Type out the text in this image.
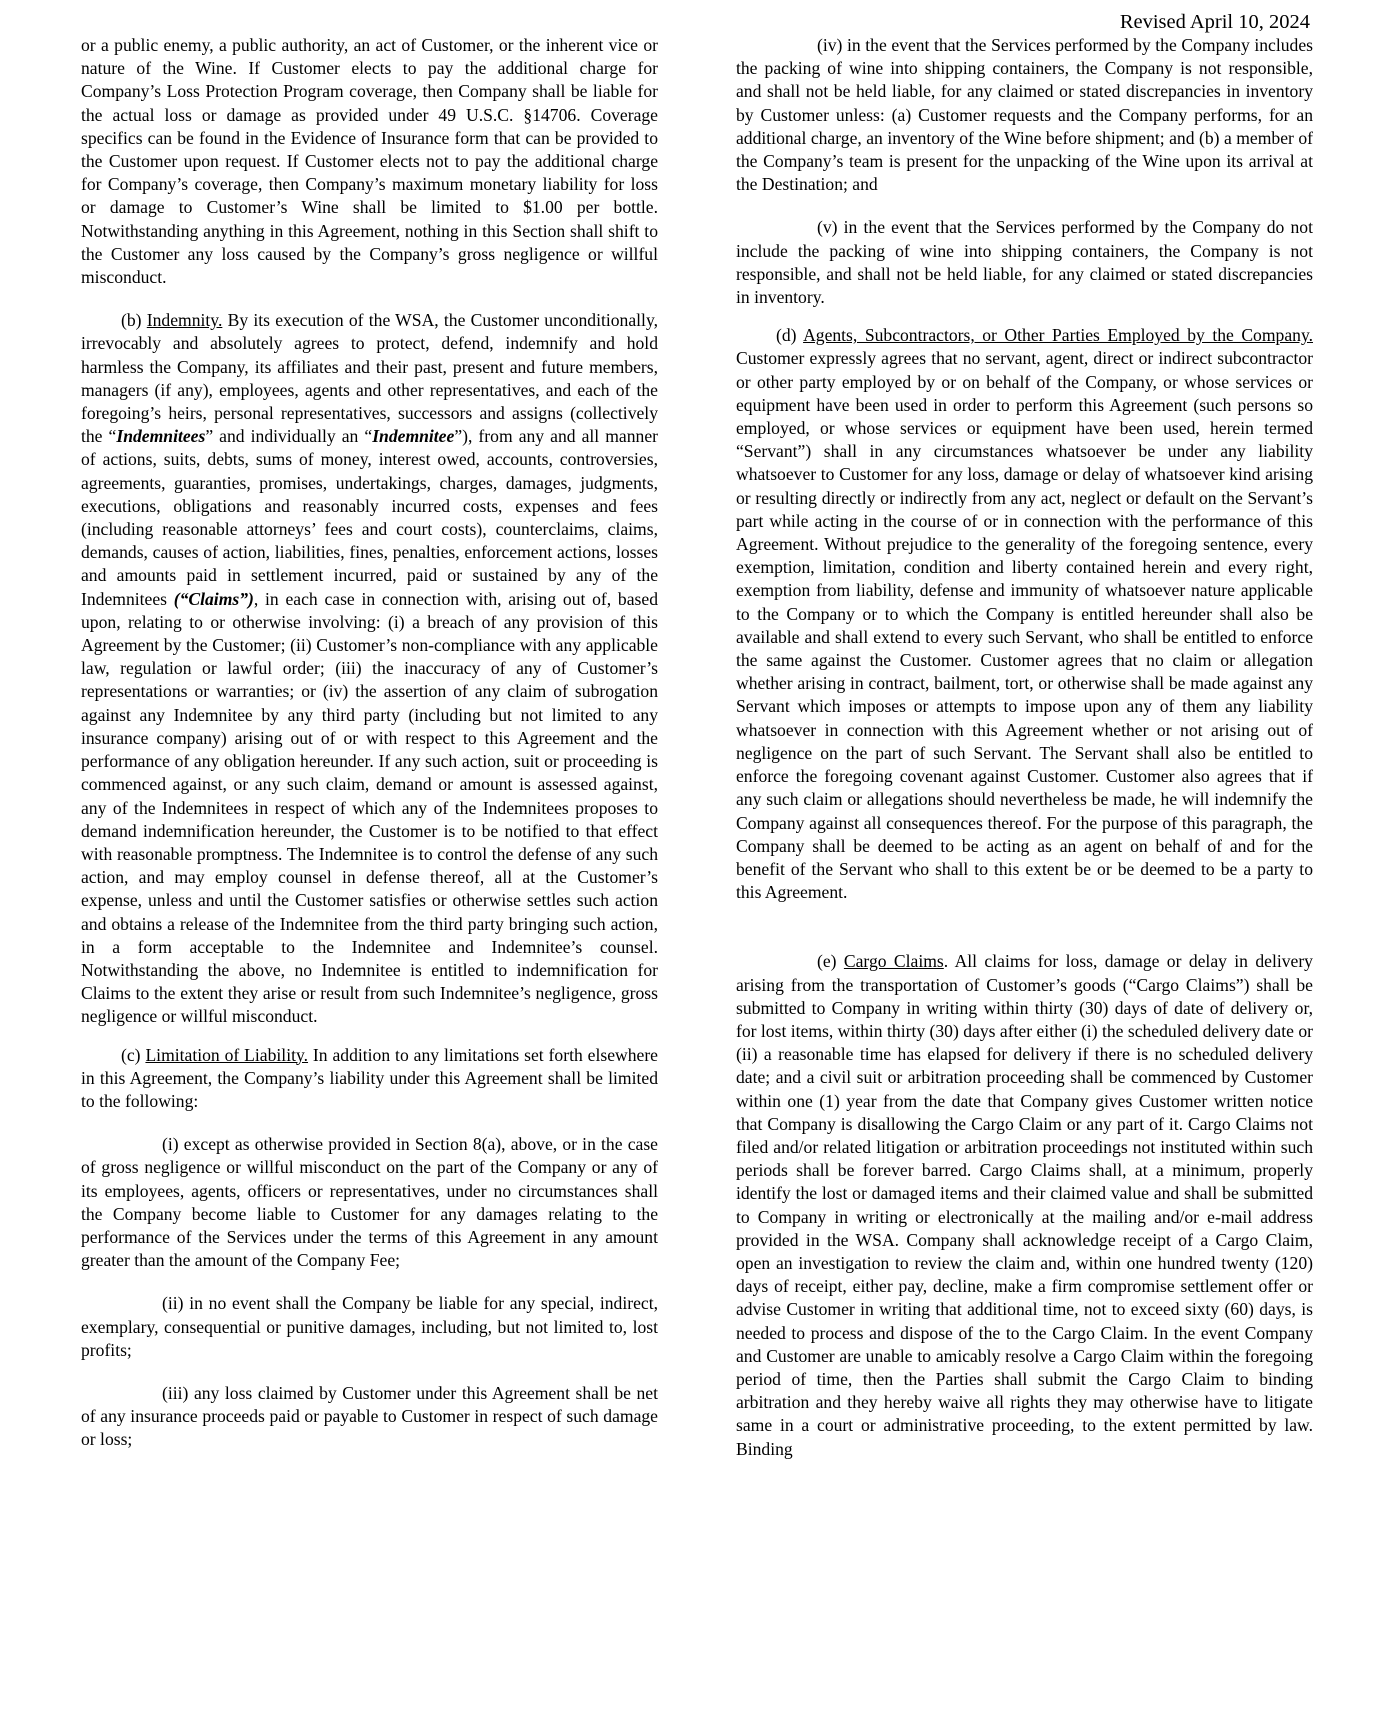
Revised April 10, 2024

or a public enemy, a public authority, an act of Customer, or the inherent vice or nature of the Wine. If Customer elects to pay the additional charge for Company’s Loss Protection Program coverage, then Company shall be liable for the actual loss or damage as provided under 49 U.S.C. §14706. Coverage specifics can be found in the Evidence of Insurance form that can be provided to the Customer upon request. If Customer elects not to pay the additional charge for Company’s coverage, then Company’s maximum monetary liability for loss or damage to Customer’s Wine shall be limited to $1.00 per bottle. Notwithstanding anything in this Agreement, nothing in this Section shall shift to the Customer any loss caused by the Company’s gross negligence or willful misconduct.

(b) Indemnity. By its execution of the WSA, the Customer unconditionally, irrevocably and absolutely agrees to protect, defend, indemnify and hold harmless the Company, its affiliates and their past, present and future members, managers (if any), employees, agents and other representatives, and each of the foregoing’s heirs, personal representatives, successors and assigns (collectively the “Indemnitees” and individually an “Indemnitee”), from any and all manner of actions, suits, debts, sums of money, interest owed, accounts, controversies, agreements, guaranties, promises, undertakings, charges, damages, judgments, executions, obligations and reasonably incurred costs, expenses and fees (including reasonable attorneys’ fees and court costs), counterclaims, claims, demands, causes of action, liabilities, fines, penalties, enforcement actions, losses and amounts paid in settlement incurred, paid or sustained by any of the Indemnitees (“Claims”), in each case in connection with, arising out of, based upon, relating to or otherwise involving: (i) a breach of any provision of this Agreement by the Customer; (ii) Customer’s non-compliance with any applicable law, regulation or lawful order; (iii) the inaccuracy of any of Customer’s representations or warranties; or (iv) the assertion of any claim of subrogation against any Indemnitee by any third party (including but not limited to any insurance company) arising out of or with respect to this Agreement and the performance of any obligation hereunder. If any such action, suit or proceeding is commenced against, or any such claim, demand or amount is assessed against, any of the Indemnitees in respect of which any of the Indemnitees proposes to demand indemnification hereunder, the Customer is to be notified to that effect with reasonable promptness. The Indemnitee is to control the defense of any such action, and may employ counsel in defense thereof, all at the Customer’s expense, unless and until the Customer satisfies or otherwise settles such action and obtains a release of the Indemnitee from the third party bringing such action, in a form acceptable to the Indemnitee and Indemnitee’s counsel. Notwithstanding the above, no Indemnitee is entitled to indemnification for Claims to the extent they arise or result from such Indemnitee’s negligence, gross negligence or willful misconduct.

(c) Limitation of Liability. In addition to any limitations set forth elsewhere in this Agreement, the Company’s liability under this Agreement shall be limited to the following:

(i) except as otherwise provided in Section 8(a), above, or in the case of gross negligence or willful misconduct on the part of the Company or any of its employees, agents, officers or representatives, under no circumstances shall the Company become liable to Customer for any damages relating to the performance of the Services under the terms of this Agreement in any amount greater than the amount of the Company Fee;

(ii) in no event shall the Company be liable for any special, indirect, exemplary, consequential or punitive damages, including, but not limited to, lost profits;

(iii) any loss claimed by Customer under this Agreement shall be net of any insurance proceeds paid or payable to Customer in respect of such damage or loss;

(iv) in the event that the Services performed by the Company includes the packing of wine into shipping containers, the Company is not responsible, and shall not be held liable, for any claimed or stated discrepancies in inventory by Customer unless: (a) Customer requests and the Company performs, for an additional charge, an inventory of the Wine before shipment; and (b) a member of the Company’s team is present for the unpacking of the Wine upon its arrival at the Destination; and

(v) in the event that the Services performed by the Company do not include the packing of wine into shipping containers, the Company is not responsible, and shall not be held liable, for any claimed or stated discrepancies in inventory.

(d) Agents, Subcontractors, or Other Parties Employed by the Company. Customer expressly agrees that no servant, agent, direct or indirect subcontractor or other party employed by or on behalf of the Company, or whose services or equipment have been used in order to perform this Agreement (such persons so employed, or whose services or equipment have been used, herein termed “Servant”) shall in any circumstances whatsoever be under any liability whatsoever to Customer for any loss, damage or delay of whatsoever kind arising or resulting directly or indirectly from any act, neglect or default on the Servant’s part while acting in the course of or in connection with the performance of this Agreement. Without prejudice to the generality of the foregoing sentence, every exemption, limitation, condition and liberty contained herein and every right, exemption from liability, defense and immunity of whatsoever nature applicable to the Company or to which the Company is entitled hereunder shall also be available and shall extend to every such Servant, who shall be entitled to enforce the same against the Customer. Customer agrees that no claim or allegation whether arising in contract, bailment, tort, or otherwise shall be made against any Servant which imposes or attempts to impose upon any of them any liability whatsoever in connection with this Agreement whether or not arising out of negligence on the part of such Servant. The Servant shall also be entitled to enforce the foregoing covenant against Customer. Customer also agrees that if any such claim or allegations should nevertheless be made, he will indemnify the Company against all consequences thereof. For the purpose of this paragraph, the Company shall be deemed to be acting as an agent on behalf of and for the benefit of the Servant who shall to this extent be or be deemed to be a party to this Agreement.

(e) Cargo Claims. All claims for loss, damage or delay in delivery arising from the transportation of Customer’s goods (“Cargo Claims”) shall be submitted to Company in writing within thirty (30) days of date of delivery or, for lost items, within thirty (30) days after either (i) the scheduled delivery date or (ii) a reasonable time has elapsed for delivery if there is no scheduled delivery date; and a civil suit or arbitration proceeding shall be commenced by Customer within one (1) year from the date that Company gives Customer written notice that Company is disallowing the Cargo Claim or any part of it. Cargo Claims not filed and/or related litigation or arbitration proceedings not instituted within such periods shall be forever barred. Cargo Claims shall, at a minimum, properly identify the lost or damaged items and their claimed value and shall be submitted to Company in writing or electronically at the mailing and/or e-mail address provided in the WSA. Company shall acknowledge receipt of a Cargo Claim, open an investigation to review the claim and, within one hundred twenty (120) days of receipt, either pay, decline, make a firm compromise settlement offer or advise Customer in writing that additional time, not to exceed sixty (60) days, is needed to process and dispose of the to the Cargo Claim. In the event Company and Customer are unable to amicably resolve a Cargo Claim within the foregoing period of time, then the Parties shall submit the Cargo Claim to binding arbitration and they hereby waive all rights they may otherwise have to litigate same in a court or administrative proceeding, to the extent permitted by law. Binding
